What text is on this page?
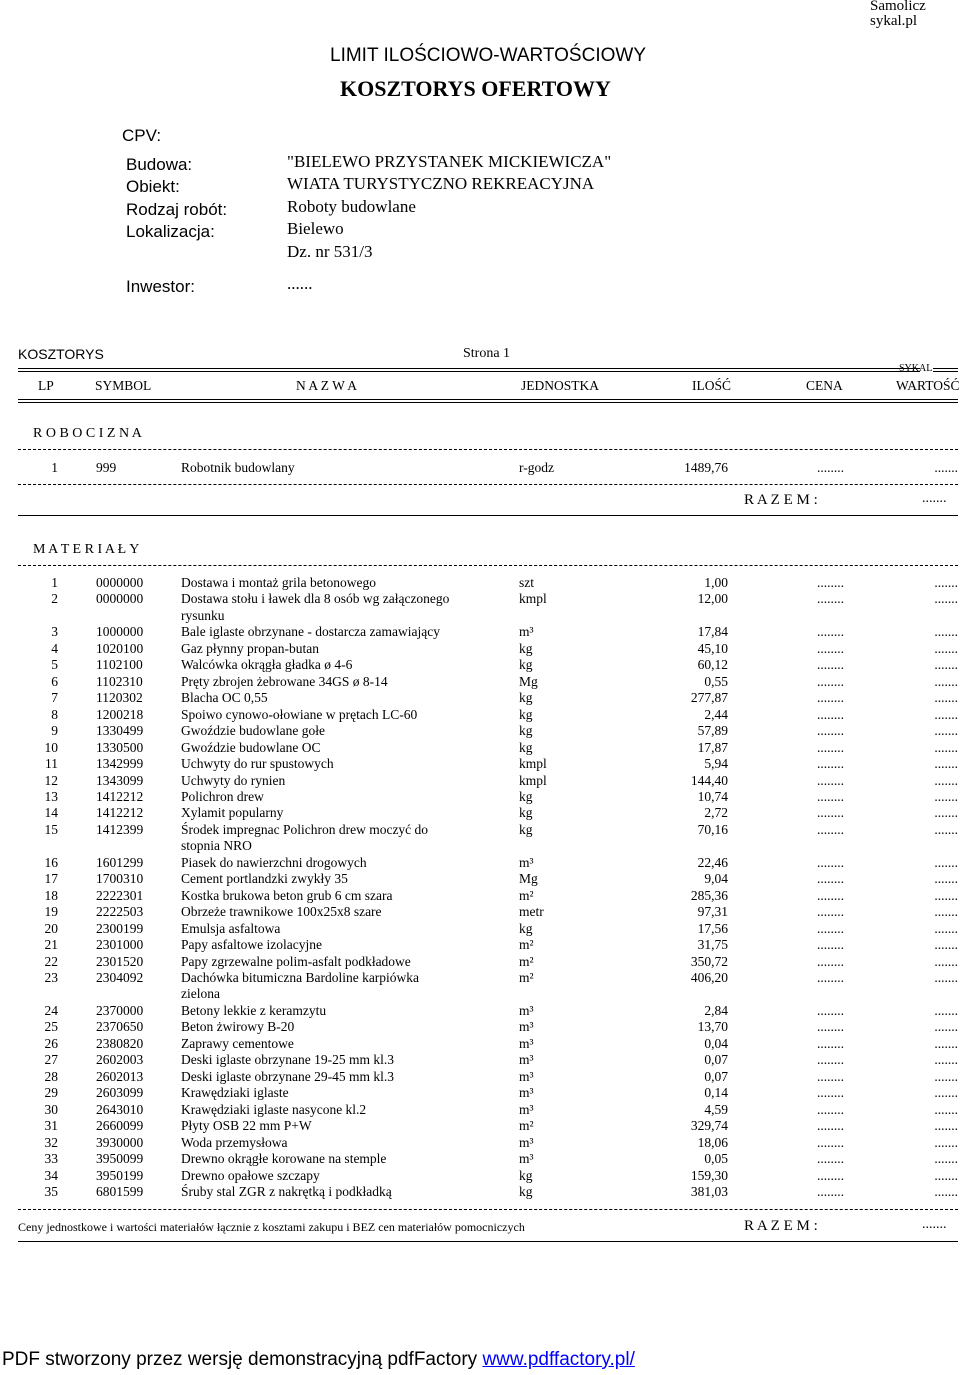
Samolicz
sykal.pl
LIMIT ILOŚCIOWO-WARTOŚCIOWY
KOSZTORYS OFERTOWY
CPV:
Budowa:	"BIELEWO PRZYSTANEK MICKIEWICZA"
Obiekt:	WIATA TURYSTYCZNO REKREACYJNA
Rodzaj robót:	Roboty budowlane
Lokalizacja:	Bielewo
Dz. nr 531/3
Inwestor:	......
KOSZTORYS	Strona 1
SYKAL
LP	SYMBOL	N A Z W A	JEDNOSTKA	ILOŚĆ	CENA	WARTOŚĆ
R O B O C I Z N A
1	999	Robotnik budowlany	r-godz	1489,76	........	.......
R A Z E M :	.......
M A T E R I A Ł Y
1	0000000	Dostawa i montaż grila betonowego	szt	1,00	........	.......
2	0000000	Dostawa stołu i ławek dla 8 osób wg załączonego	kmpl	12,00	........	.......
rysunku
3	1000000	Bale iglaste obrzynane - dostarcza zamawiający	m³	17,84	........	.......
4	1020100	Gaz płynny propan-butan	kg	45,10	........	.......
5	1102100	Walcówka okrągła gładka ø 4-6	kg	60,12	........	.......
6	1102310	Pręty zbrojen żebrowane 34GS ø 8-14	Mg	0,55	........	.......
7	1120302	Blacha OC 0,55	kg	277,87	........	.......
8	1200218	Spoiwo cynowo-ołowiane w prętach LC-60	kg	2,44	........	.......
9	1330499	Gwoździe budowlane gołe	kg	57,89	........	.......
10	1330500	Gwoździe budowlane OC	kg	17,87	........	.......
11	1342999	Uchwyty do rur spustowych	kmpl	5,94	........	.......
12	1343099	Uchwyty do rynien	kmpl	144,40	........	.......
13	1412212	Polichron drew	kg	10,74	........	.......
14	1412212	Xylamit popularny	kg	2,72	........	.......
15	1412399	Środek impregnac Polichron drew moczyć do	kg	70,16	........	.......
stopnia NRO
16	1601299	Piasek do nawierzchni drogowych	m³	22,46	........	.......
17	1700310	Cement portlandzki zwykły 35	Mg	9,04	........	.......
18	2222301	Kostka brukowa beton grub 6 cm szara	m²	285,36	........	.......
19	2222503	Obrzeże trawnikowe 100x25x8 szare	metr	97,31	........	.......
20	2300199	Emulsja asfaltowa	kg	17,56	........	.......
21	2301000	Papy asfaltowe izolacyjne	m²	31,75	........	.......
22	2301520	Papy zgrzewalne polim-asfalt podkładowe	m²	350,72	........	.......
23	2304092	Dachówka bitumiczna Bardoline karpiówka	m²	406,20	........	.......
zielona
24	2370000	Betony lekkie z keramzytu	m³	2,84	........	.......
25	2370650	Beton żwirowy B-20	m³	13,70	........	.......
26	2380820	Zaprawy cementowe	m³	0,04	........	.......
27	2602003	Deski iglaste obrzynane 19-25 mm kl.3	m³	0,07	........	.......
28	2602013	Deski iglaste obrzynane 29-45 mm kl.3	m³	0,07	........	.......
29	2603099	Krawędziaki iglaste	m³	0,14	........	.......
30	2643010	Krawędziaki iglaste nasycone kl.2	m³	4,59	........	.......
31	2660099	Płyty OSB 22 mm P+W	m²	329,74	........	.......
32	3930000	Woda przemysłowa	m³	18,06	........	.......
33	3950099	Drewno okrągłe korowane na stemple	m³	0,05	........	.......
34	3950199	Drewno opałowe szczapy	kg	159,30	........	.......
35	6801599	Śruby stal ZGR z nakrętką i podkładką	kg	381,03	........	.......
Ceny jednostkowe i wartości materiałów łącznie z kosztami zakupu i BEZ cen materiałów pomocniczych	R A Z E M :	.......
PDF stworzony przez wersję demonstracyjną pdfFactory www.pdffactory.pl/
